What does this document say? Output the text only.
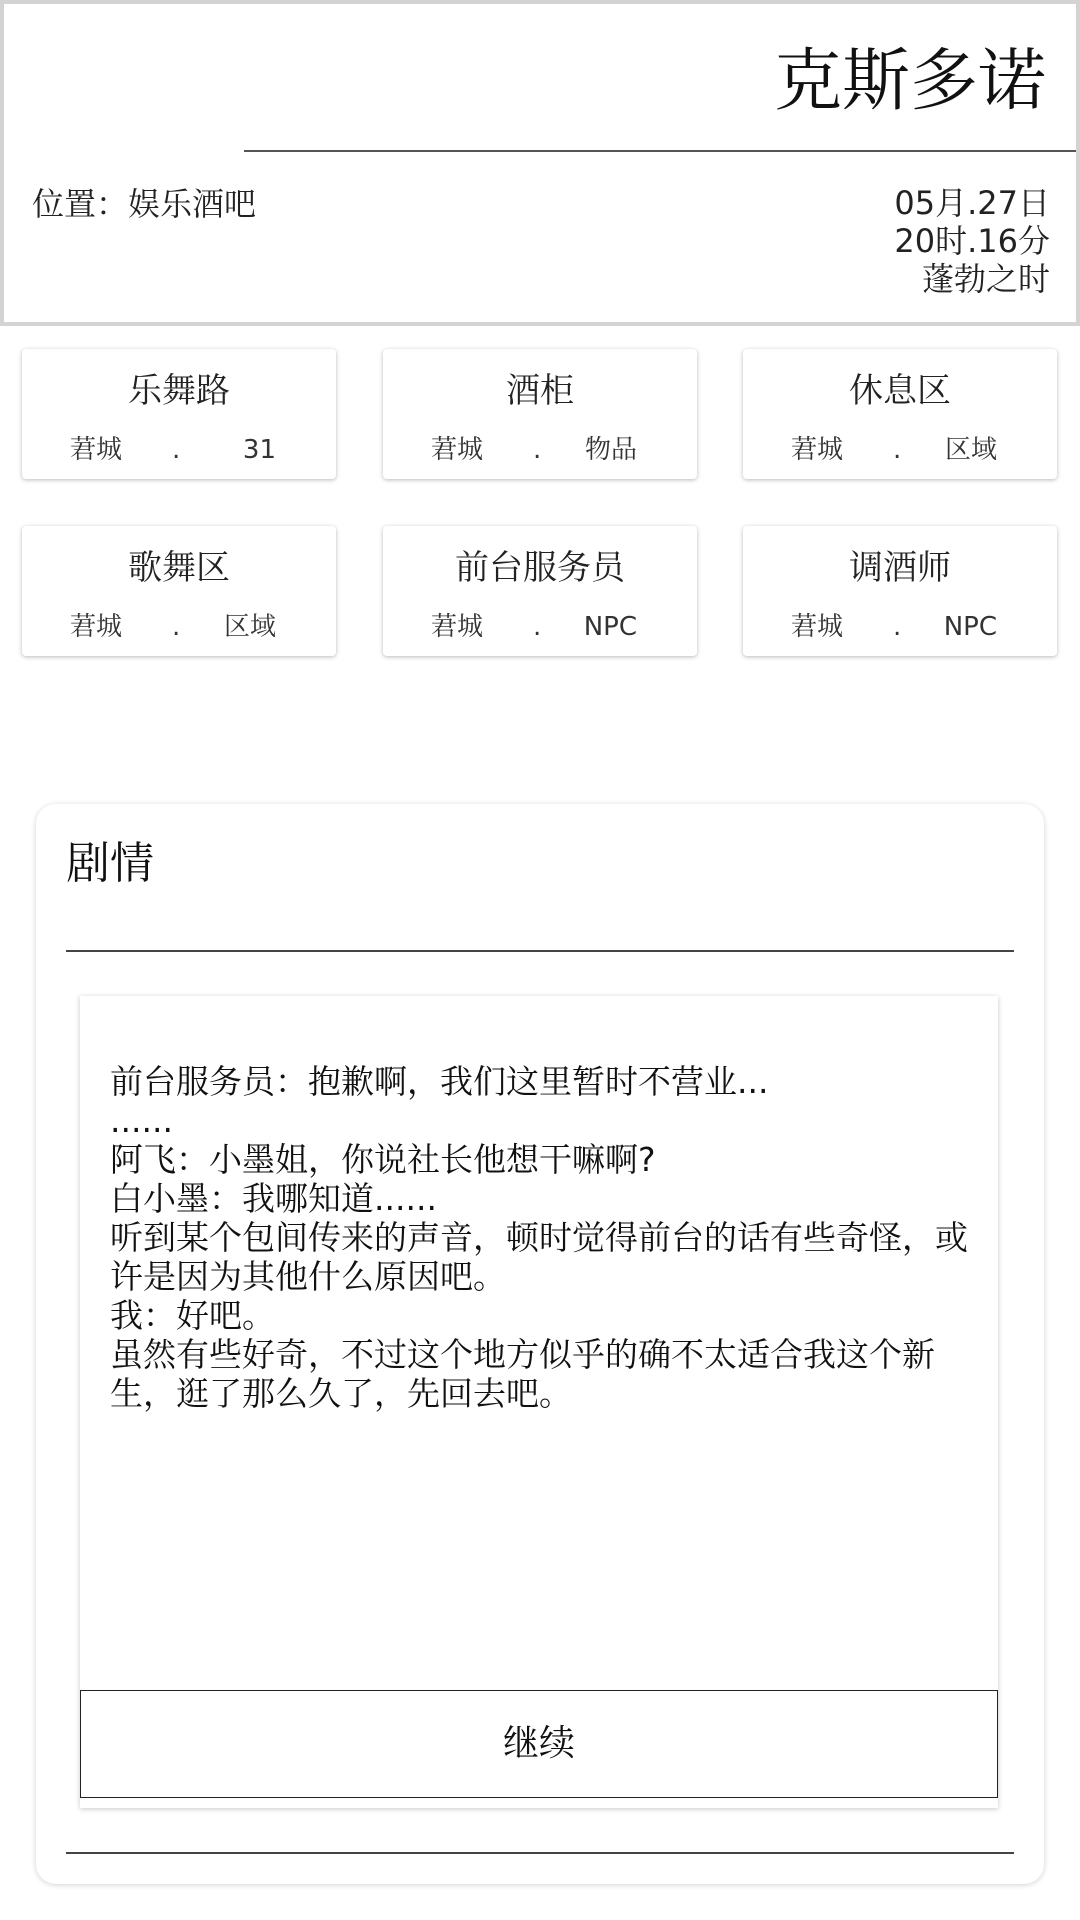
克斯多诺
位置：娱乐酒吧	05月.27日
20时.16分
蓬勃之时
乐舞路
莙城 . 31
酒柜
莙城 . 物品
休息区
莙城 . 区域
歌舞区
莙城 . 区域
前台服务员
莙城 . NPC
调酒师
莙城 . NPC
剧情

前台服务员：抱歉啊，我们这里暂时不营业...

......

阿飞：小墨姐，你说社长他想干嘛啊?

白小墨：我哪知道......

听到某个包间传来的声音，顿时觉得前台的话有些奇怪，或许是因为其他什么原因吧。

我：好吧。

虽然有些好奇，不过这个地方似乎的确不太适合我这个新生，逛了那么久了，先回去吧。

继续
